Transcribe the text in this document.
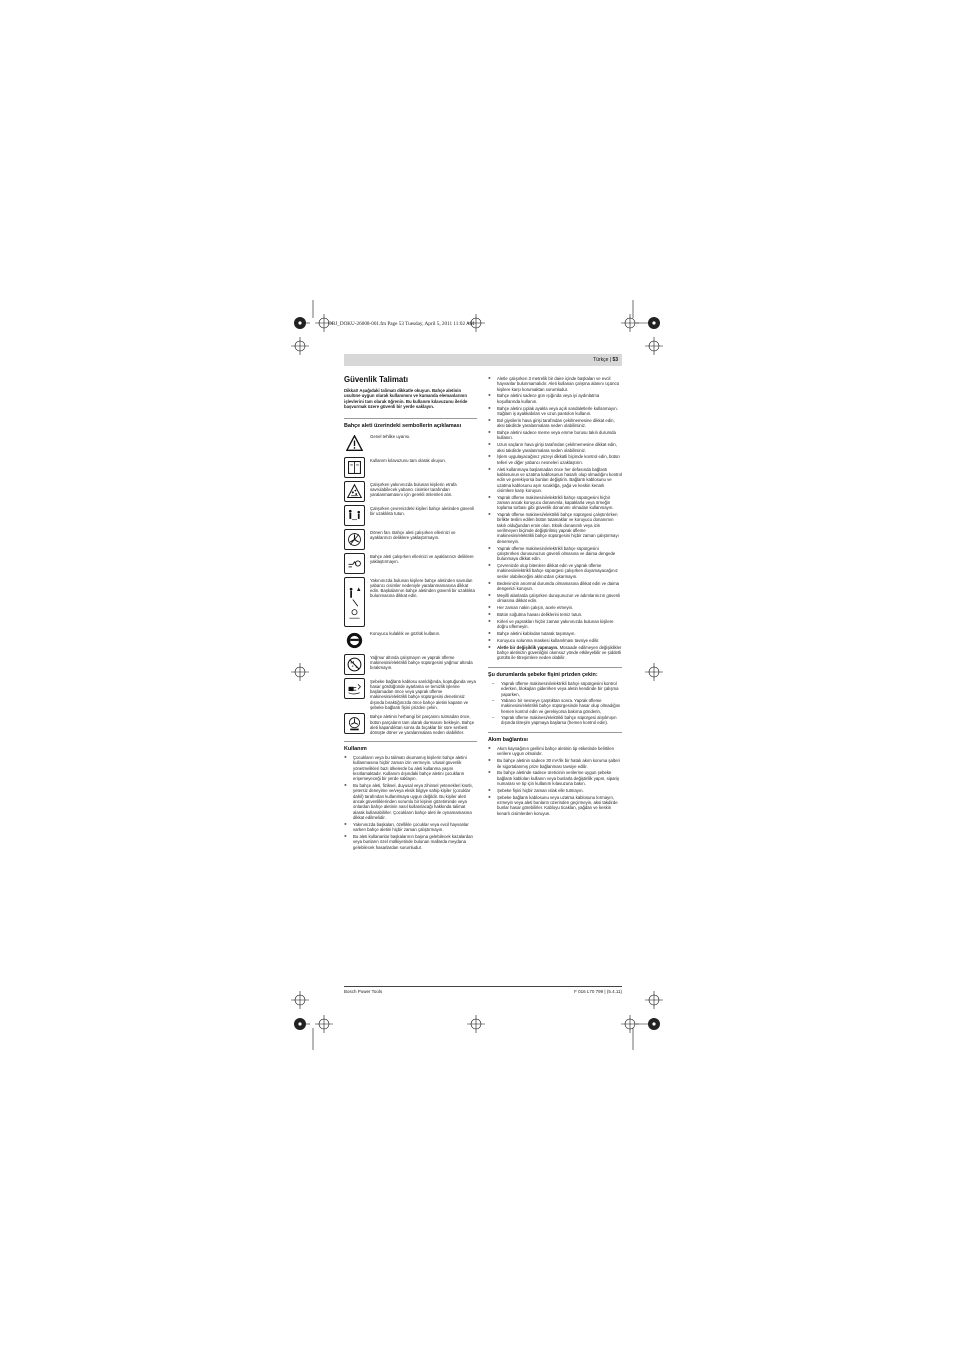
OBJ_DOKU-26008-001.fm Page 53 Tuesday, April 5, 2011 11:02 AM
Türkçe | 53
Güvenlik Talimatı

Dikkat! Aşağıdaki talimatı dikkatle okuyun. Bahçe aletinin usulüne uygun olarak kullanımını ve kumanda elemanlarının işlevlerini tam olarak öğrenin. Bu kullanım kılavuzunu ileride başvurmak üzere güvenli bir yerde saklayın.

Bahçe aleti üzerindeki sembollerin açıklaması
Genel tehlike uyarısı.
Kullanım kılavuzunu tam olarak okuyun.
Çalışırken yakınınızda bulunan kişilerin etrafa savrulabilecek yabancı cisimler tarafından yaralanmamasını için gerekli önlemleri alın.
Çalışırken çevrenizdeki kişileri bahçe aletinden güvenli bir uzaklıkta tutun.
Dönen fan. Bahçe aleti çalışırken ellerinizi ve ayaklarınızı deliklere yaklaştırmayın.
Bahçe aleti çalışırken ellerinizi ve ayaklarınızı deliklere yaklaştırmayın.
Yakınınızda bulunan kişilere bahçe aletinden savrulan yabancı cisimler nedeniyle yaralanmamasına dikkat edin. Başkalarının bahçe aletinden güvenli bir uzaklıkta bulunmasına dikkat edin.
Koruyucu kulaklık ve gözlük kullanın.
Yağmur altında çalışmayın ve yaprak üfleme makinesini/elektrikli bahçe süpürgesini yağmur altında bırakmayın.
Şebeke bağlantı kablosu sarıldığında, koptuğunda veya hasar gördüğünde ayarlama ve temizlik işlerine başlamadan önce veya yaprak üfleme makinesini/elektrikli bahçe süpürgesini denetimsiz dışında bıraktığınızda önce bahçe aletini kapatın ve şebeke bağlantı fişini prizden çekin.
Bahçe aletinin herhangi bir parçasını tutmadan önce, bütün parçaların tam olarak durmasını bekleyin. Bahçe aleti kapandıktan sonra da bıçaklar bir süre serbest dönüşte döner ve yaralanmalara neden olabilirler.
Kullanım
► Çocukların veya bu talimatı okumamış kişilerin bahçe aletini kullanmasına hiçbir zaman izin vermeyin. Ulusal güvenlik yönetmelikleri bazı ülkelerde bu aleti kullanma yaşını kısıtlamaktadır. Kullanım dışındaki bahçe aletini çocukların erişemeyeceği bir yerde saklayın.
► Bu bahçe aleti, fiziksel, duyusal veya zihinsel yetenekleri kısıtlı, yetersiz deneyime ve/veya eksik bilgiye sahip kişiler (çocuklar dahil) tarafından kullanılmaya uygun değildir. Bu kişiler aleti ancak güvenliklerinden sorumlu bir kişinin gözetiminde veya onlardan bahçe aletinin nasıl kullanılacağı hakkında talimat alarak kullanabilirler. Çocukların bahçe aleti ile oynamamasına dikkat edilmelidir.
► Yakınınızda başkaları, özellikle çocuklar veya evcil hayvanlar varken bahçe aletini hiçbir zaman çalıştırmayın.
► Bu aleti kullananlar başkalarının başına gelebilecek kazalardan veya bunların özel mülkiyetinde bulunan mallarda meydana gelebilecek hasarlardan sorumludur.
► Aletle çalışırken 3 metrelik bir daire içinde başkaları ve evcil hayvanlar bulunmamalıdır. Aleti kullanan çalışma alanını üçüncü kişilere karşı korumaktan sorumludur.
► Bahçe aletini sadece gün ışığında veya iyi aydınlatma koşullarında kullanın.
► Bahçe aletini çıplak ayakla veya açık sandaletlerle kullanmayın. Sağlam iş ayakkabıları ve uzun pantolon kullanın.
► Bol giysilerin hava girişi tarafından çekilmemesine dikkat edin, aksi takdirde yaralanmalara neden olabilirsiniz.
► Bahçe aletini sadece meme veya emme borusu takılı durumda kullanın.
► Uzun saçların hava girişi tarafından çekilmemesine dikkat edin, aksi takdirde yaralanmalara neden olabilirsiniz.
► İşlem uygulayacağınız yüzeyi dikkatli biçimde kontrol edin, bütün telleri ve diğer yabancı nesneleri uzaklaştırın.
► Aleti kullanmaya başlamadan önce her defasında bağlantı kablosunun ve uzatma kablosunun hasarlı olup olmadığını kontrol edin ve gerekiyorsa bunları değiştirin. Bağlantı kablosunu ve uzatma kablosunu aşırı sıcaklığa, yağa ve keskin kenarlı cisimlere karşı koruyun.
► Yaprak üfleme makinesini/elektrikli bahçe süpürgesini hiçbir zaman ancak koruyucu donanımla, kapaklarla veya örneğin toplama torbası gibi güvenlik donanımı olmadan kullanmayın.
► Yaprak üfleme makinesi/elektrikli bahçe süpürgesi çalıştırılırken birlikte teslim edilen bütün tutamaklar ve koruyucu donanımın takılı olduğundan emin olun. Eksik donanımlı veya izin verilmeyen biçimde değiştirilmiş yaprak üfleme makinesini/elektrikli bahçe süpürgesini hiçbir zaman çalıştırmayı denemeyin.
► Yaprak üfleme makinesini/elektrikli bahçe süpürgesini çalıştırırken durusunuzun güvenli olmasına ve daima dengede bulunmaya dikkat edin.
► Çevrenizde olup bitenlere dikkat edin ve yaprak üfleme makinesi/elektrikli bahçe süpürgesi çalışırken duyamayacağınız sesler olabileceğini aklınızdan çıkarmayın.
► Bedeninizin anormal durumda olmamasına dikkat edin ve daima dengenizi koruyun.
► Meyilli alanlarda çalışırken duruşunuzun ve adımlarınızın güvenli olmasına dikkat edin.
► Her zaman nakin çalışın, acele etmeyin.
► Bütün soğutma havası deliklerini temiz tutun.
► Kirleri ve yaprakları hiçbir zaman yakınınızda bulunan kişilere doğru üflemeyin.
► Bahçe aletini kablodan tutarak taşımayın.
► Koruyucu solunma maskesi kullanılması tavsiye edilir.
► Aletle bir değişiklik yapmayın. Müsaade edilmeyen değişiklikler bahçe aletinizin güvenliğini olumsuz yönde etkileyebilir ve şiddetli gürültü ile titreşimlere neden olabilir.
Şu durumlarda şebeke fişini prizden çekin:
– Yaprak üfleme makinesini/elektrikli bahçe süpürgesini kontrol ederken, blokajları giderirken veya aletin kendinde bir çalışma yaparken,
– Yabancı bir nesneye çarptıktan sonra. Yaprak üfleme makinesini/elektrikli bahçe süpürgesinde hasar olup olmadığını hemen kontrol edin ve gerekiyorsa bakıma gönderin,
– Yaprak üfleme makinesi/elektrikli bahçe süpürgesi alışılmışın dışında titreşim yapmaya başlarsa (hemen kontrol edin).
Akım bağlantısı
► Akım kaynağının gerilimi bahçe aletinin tip etiketinde belirtilen verilere uygun olmalıdır.
► Bu bahçe aletinin sadece 30 mA'lik bir hatalı akım koruma şalteri ile sigortalanmış prize bağlanması tavsiye edilir.
► Bu bahçe aletinde sadece üreticinin verilerine uygun şebeke bağlantı kabloları kullanın veya bunlarla değiştirilik yapın, sipariş numarası ve tip için kullanım kılavuzuna bakın.
► Şebeke fişini hiçbir zaman ıslak elle tutmayın.
► Şebeke bağlantı kablosunu veya uzatma kablosunu kırmayın, ezmeyin veya aleti bunların üzerinden geçirmeyin, aksi takdirde bunlar hasar görebilirler. Kabloyu ticaklan, yağdan ve keskin kenarlı cisimlerden koruyun.
Bosch Power Tools	F 016 L70 799 | (5.4.11)
